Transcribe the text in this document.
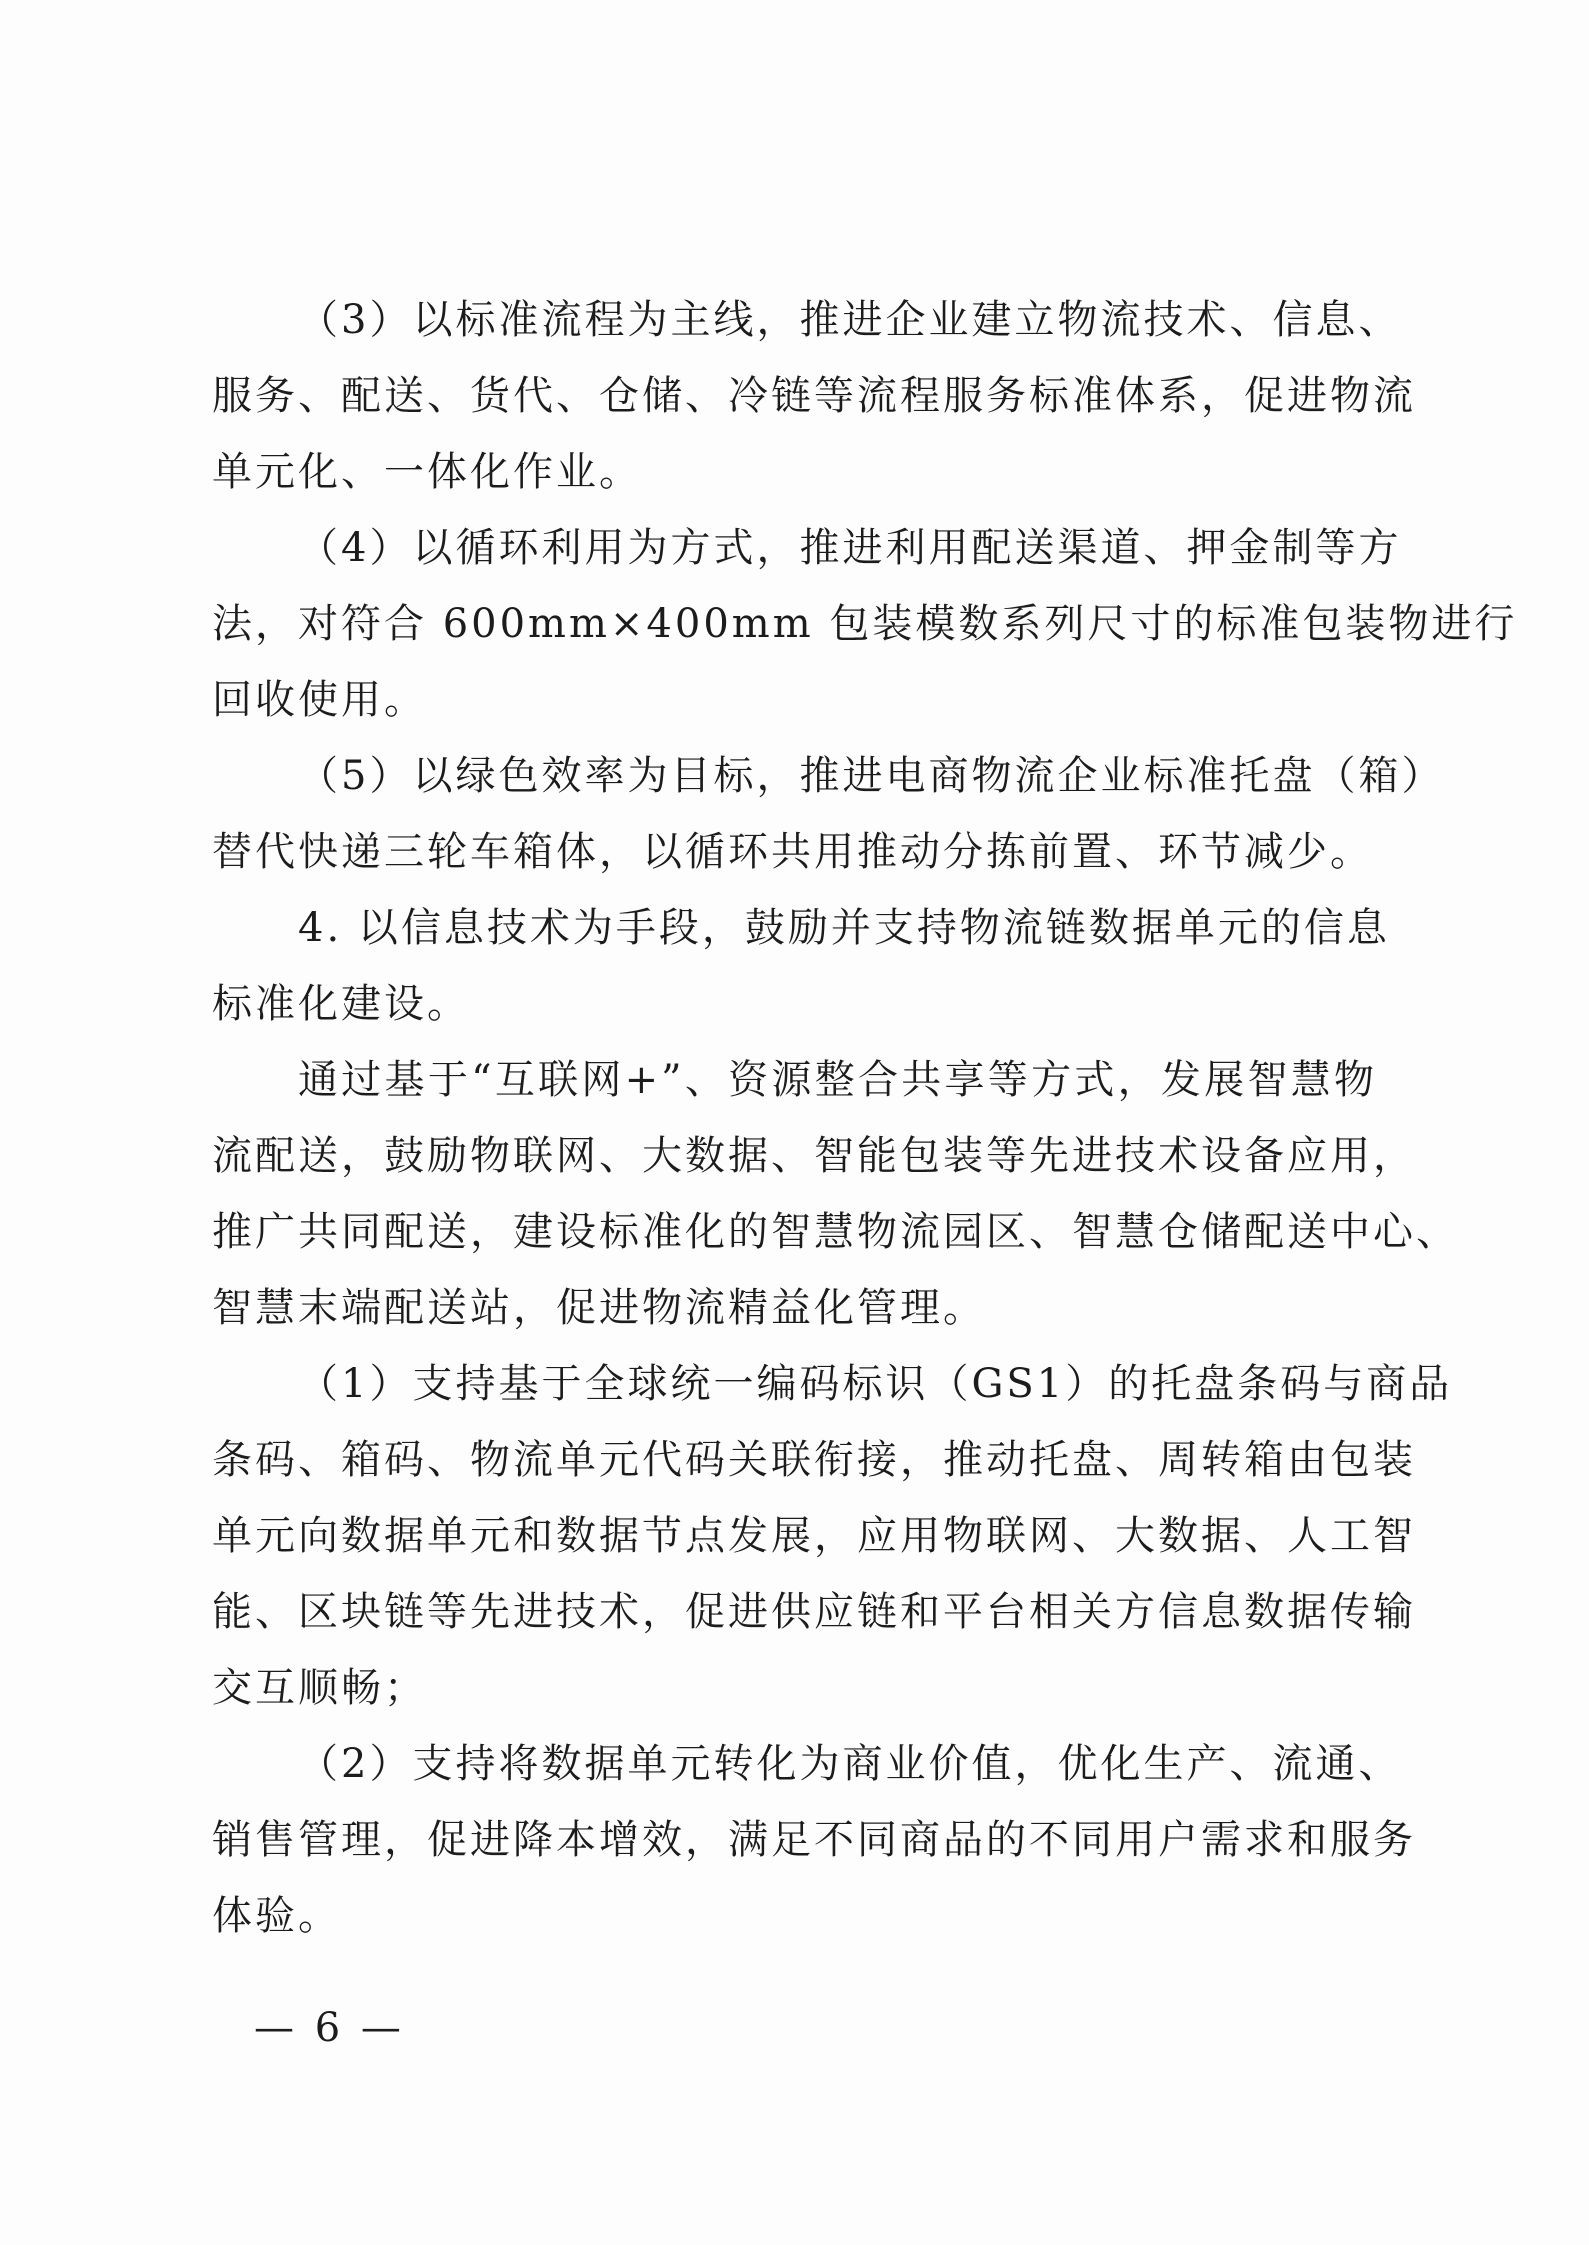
（3）以标准流程为主线，推进企业建立物流技术、信息、
服务、配送、货代、仓储、冷链等流程服务标准体系，促进物流
单元化、一体化作业。
（4）以循环利用为方式，推进利用配送渠道、押金制等方
法，对符合 600mm×400mm 包装模数系列尺寸的标准包装物进行
回收使用。
（5）以绿色效率为目标，推进电商物流企业标准托盘（箱）
替代快递三轮车箱体，以循环共用推动分拣前置、环节减少。
4. 以信息技术为手段，鼓励并支持物流链数据单元的信息
标准化建设。
通过基于“互联网+”、资源整合共享等方式，发展智慧物
流配送，鼓励物联网、大数据、智能包装等先进技术设备应用，
推广共同配送，建设标准化的智慧物流园区、智慧仓储配送中心、
智慧末端配送站，促进物流精益化管理。
（1）支持基于全球统一编码标识（GS1）的托盘条码与商品
条码、箱码、物流单元代码关联衔接，推动托盘、周转箱由包装
单元向数据单元和数据节点发展，应用物联网、大数据、人工智
能、区块链等先进技术，促进供应链和平台相关方信息数据传输
交互顺畅；
（2）支持将数据单元转化为商业价值，优化生产、流通、
销售管理，促进降本增效，满足不同商品的不同用户需求和服务
体验。
— 6 —
